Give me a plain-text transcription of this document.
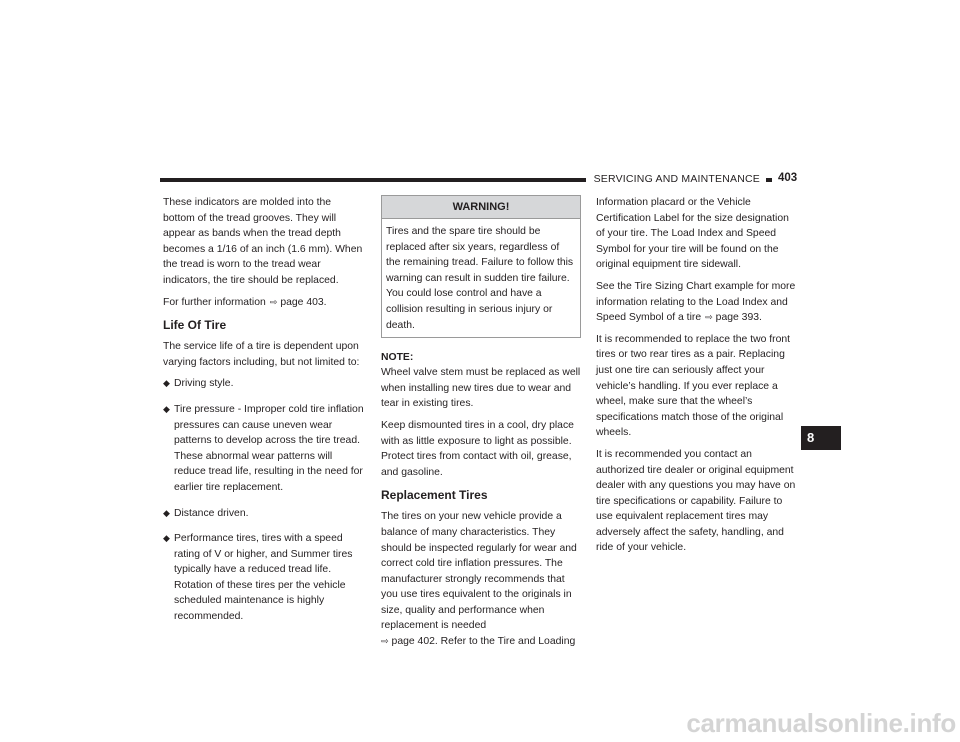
SERVICING AND MAINTENANCE	403

These indicators are molded into the bottom of the tread grooves. They will appear as bands when the tread depth becomes a 1/16 of an inch (1.6 mm). When the tread is worn to the tread wear indicators, the tire should be replaced.

For further information ⇨ page 403.

Life Of Tire

The service life of a tire is dependent upon varying factors including, but not limited to:

◆ Driving style.
◆ Tire pressure - Improper cold tire inflation pressures can cause uneven wear patterns to develop across the tire tread. These abnormal wear patterns will reduce tread life, resulting in the need for earlier tire replacement.
◆ Distance driven.
◆ Performance tires, tires with a speed rating of V or higher, and Summer tires typically have a reduced tread life. Rotation of these tires per the vehicle scheduled maintenance is highly recommended.
WARNING!
Tires and the spare tire should be replaced after six years, regardless of the remaining tread. Failure to follow this warning can result in sudden tire failure. You could lose control and have a collision resulting in serious injury or death.

NOTE:
Wheel valve stem must be replaced as well when installing new tires due to wear and tear in existing tires.

Keep dismounted tires in a cool, dry place with as little exposure to light as possible. Protect tires from contact with oil, grease, and gasoline.

Replacement Tires

The tires on your new vehicle provide a balance of many characteristics. They should be inspected regularly for wear and correct cold tire inflation pressures. The manufacturer strongly recommends that you use tires equivalent to the originals in size, quality and performance when replacement is needed
⇨ page 402. Refer to the Tire and Loading

Information placard or the Vehicle Certification Label for the size designation of your tire. The Load Index and Speed Symbol for your tire will be found on the original equipment tire sidewall.

See the Tire Sizing Chart example for more information relating to the Load Index and Speed Symbol of a tire ⇨ page 393.

It is recommended to replace the two front tires or two rear tires as a pair. Replacing just one tire can seriously affect your vehicle’s handling. If you ever replace a wheel, make sure that the wheel’s specifications match those of the original wheels.

It is recommended you contact an authorized tire dealer or original equipment dealer with any questions you may have on tire specifications or capability. Failure to use equivalent replacement tires may adversely affect the safety, handling, and ride of your vehicle.

8
carmanualsonline.info
